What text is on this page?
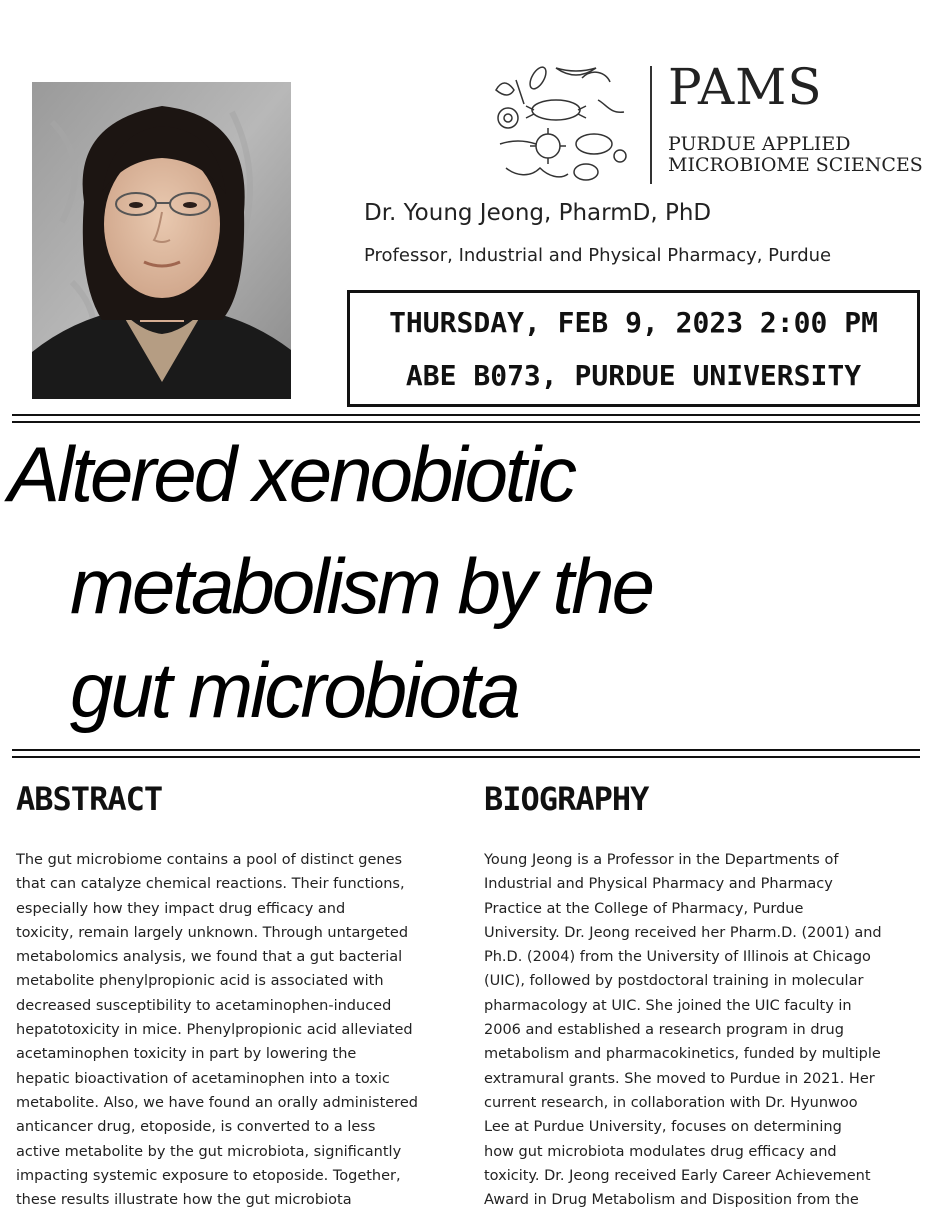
PAMS
PURDUE APPLIED
MICROBIOME SCIENCES
Dr. Young Jeong, PharmD, PhD
Professor, Industrial and Physical Pharmacy, Purdue
THURSDAY, FEB 9, 2023 2:00 PM
ABE B073, PURDUE UNIVERSITY
Altered xenobiotic
metabolism by the
gut microbiota
ABSTRACT	BIOGRAPHY
The gut microbiome contains a pool of distinct genes
that can catalyze chemical reactions. Their functions,
especially how they impact drug efficacy and
toxicity, remain largely unknown. Through untargeted
metabolomics analysis, we found that a gut bacterial
metabolite phenylpropionic acid is associated with
decreased susceptibility to acetaminophen-induced
hepatotoxicity in mice. Phenylpropionic acid alleviated
acetaminophen toxicity in part by lowering the
hepatic bioactivation of acetaminophen into a toxic
metabolite. Also, we have found an orally administered
anticancer drug, etoposide, is converted to a less
active metabolite by the gut microbiota, significantly
impacting systemic exposure to etoposide. Together,
these results illustrate how the gut microbiota
Young Jeong is a Professor in the Departments of
Industrial and Physical Pharmacy and Pharmacy
Practice at the College of Pharmacy, Purdue
University. Dr. Jeong received her Pharm.D. (2001) and
Ph.D. (2004) from the University of Illinois at Chicago
(UIC), followed by postdoctoral training in molecular
pharmacology at UIC. She joined the UIC faculty in
2006 and established a research program in drug
metabolism and pharmacokinetics, funded by multiple
extramural grants. She moved to Purdue in 2021. Her
current research, in collaboration with Dr. Hyunwoo
Lee at Purdue University, focuses on determining
how gut microbiota modulates drug efficacy and
toxicity. Dr. Jeong received Early Career Achievement
Award in Drug Metabolism and Disposition from the
